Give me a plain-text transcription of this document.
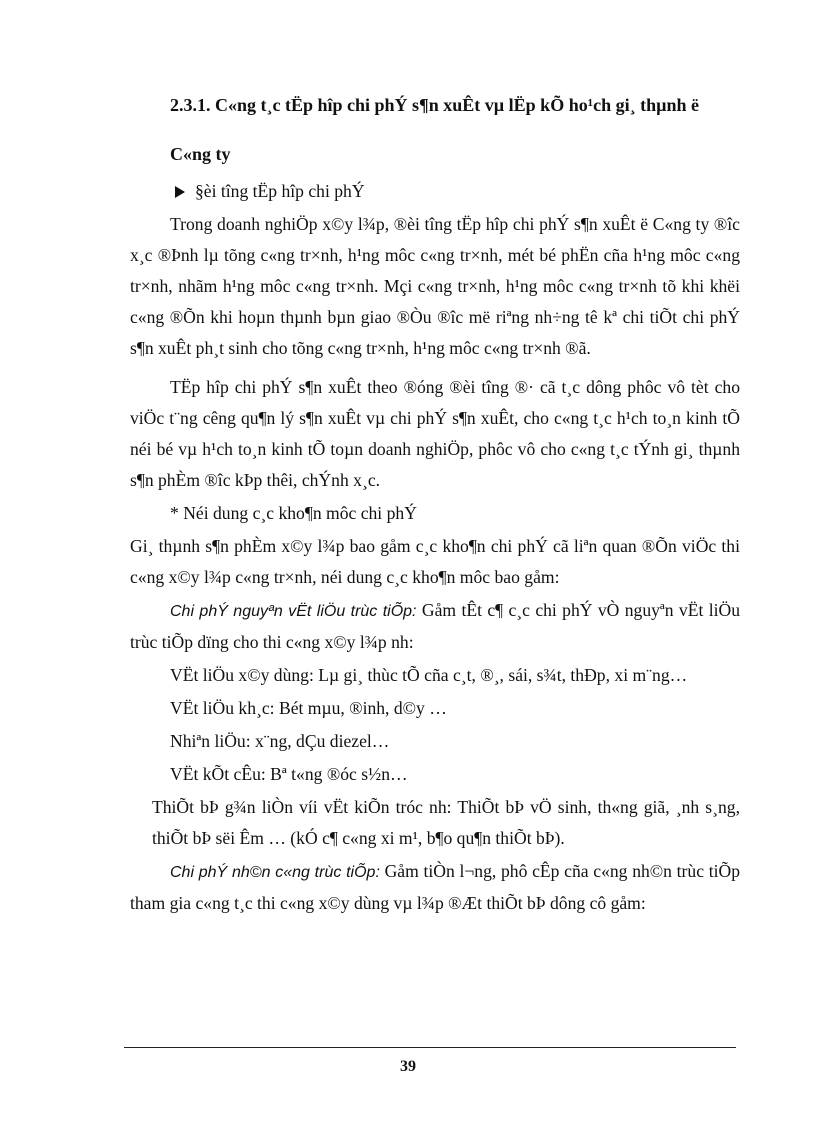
2.3.1. C«ng t¸c tËp hîp chi phÝ s¶n xuÊt vµ lËp kÕ ho¹ch gi¸ thµnh ë

C«ng ty

§èi tîng tËp hîp chi phÝ

Trong doanh nghiÖp x©y l¾p, ®èi tîng tËp hîp chi phÝ s¶n xuÊt ë C«ng ty ®îc x¸c ®Þnh lµ tõng c«ng tr×nh, h¹ng môc c«ng tr×nh, mét bé phËn cña h¹ng môc c«ng tr×nh, nhãm h¹ng môc c«ng tr×nh. Mçi c«ng tr×nh, h¹ng môc c«ng tr×nh tõ khi khëi c«ng ®Õn khi hoµn thµnh bµn giao ®Òu ®îc më riªng nh÷ng tê kª chi tiÕt chi phÝ s¶n xuÊt ph¸t sinh cho tõng c«ng tr×nh, h¹ng môc c«ng tr×nh ®ã.

TËp hîp chi phÝ s¶n xuÊt theo ®óng ®èi tîng ®· cã t¸c dông phôc vô tèt cho viÖc t¨ng cêng qu¶n lý s¶n xuÊt vµ chi phÝ s¶n xuÊt, cho c«ng t¸c h¹ch to¸n kinh tÕ néi bé vµ h¹ch to¸n kinh tÕ toµn doanh nghiÖp, phôc vô cho c«ng t¸c tÝnh gi¸ thµnh s¶n phÈm ®îc kÞp thêi, chÝnh x¸c.

* Néi dung c¸c kho¶n môc chi phÝ

Gi¸ thµnh s¶n phÈm x©y l¾p bao gåm c¸c kho¶n chi phÝ cã liªn quan ®Õn viÖc thi c«ng x©y l¾p c«ng tr×nh, néi dung c¸c kho¶n môc bao gåm:

Chi phÝ nguyªn vËt liÖu trùc tiÕp: Gåm tÊt c¶ c¸c chi phÝ vÒ nguyªn vËt liÖu trùc tiÕp dïng cho thi c«ng x©y l¾p nh:

VËt liÖu x©y dùng: Lµ gi¸ thùc tÕ cña c¸t, ®¸, sái, s¾t, thÐp, xi m¨ng…

VËt liÖu kh¸c: Bét mµu, ®inh, d©y …

Nhiªn liÖu: x¨ng, dÇu diezel…

VËt kÕt cÊu: Bª t«ng ®óc s½n…

ThiÕt bÞ g¾n liÒn víi vËt kiÕn tróc nh: ThiÕt bÞ vÖ sinh, th«ng giã, ¸nh s¸ng, thiÕt bÞ sëi Êm … (kÓ c¶ c«ng xi m¹, b¶o qu¶n thiÕt bÞ).

Chi phÝ nh©n c«ng trùc tiÕp: Gåm tiÒn l¬ng, phô cÊp cña c«ng nh©n trùc tiÕp tham gia c«ng t¸c thi c«ng x©y dùng vµ l¾p ®Æt thiÕt bÞ dông cô gåm:

39
